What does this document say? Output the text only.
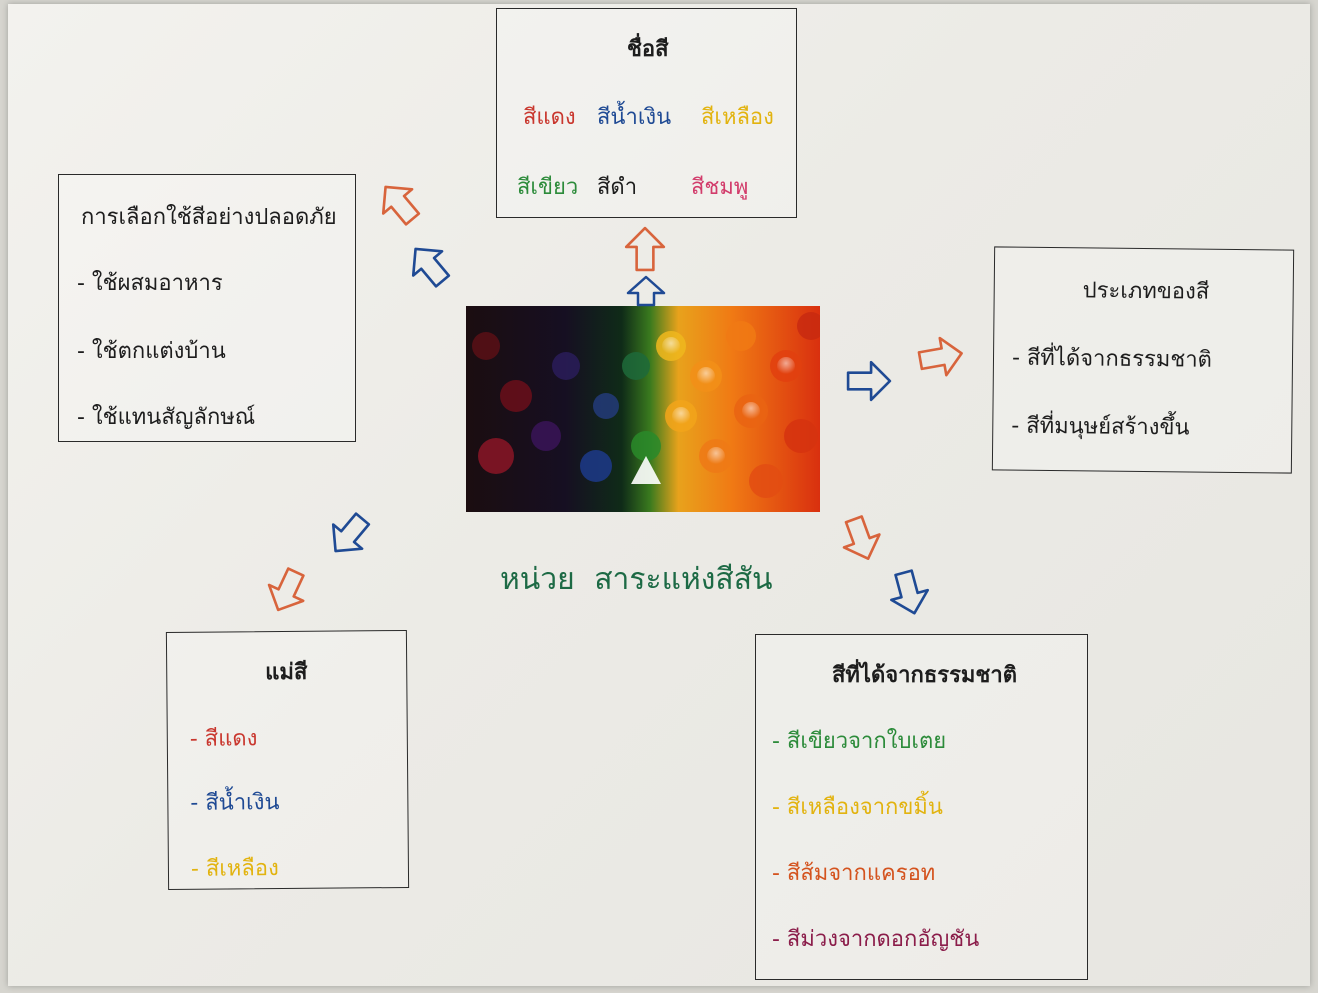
ชื่อสี
สีแดง สีน้ำเงิน สีเหลือง
สีเขียว สีดำ สีชมพู
การเลือกใช้สีอย่างปลอดภัย
- ใช้ผสมอาหาร
- ใช้ตกแต่งบ้าน
- ใช้แทนสัญลักษณ์
ประเภทของสี
- สีที่ได้จากธรรมชาติ
- สีที่มนุษย์สร้างขึ้น
แม่สี
- สีแดง
- สีน้ำเงิน
- สีเหลือง
สีที่ได้จากธรรมชาติ
- สีเขียวจากใบเตย
- สีเหลืองจากขมิ้น
- สีส้มจากแครอท
- สีม่วงจากดอกอัญชัน
หน่วย สาระแห่งสีสัน
